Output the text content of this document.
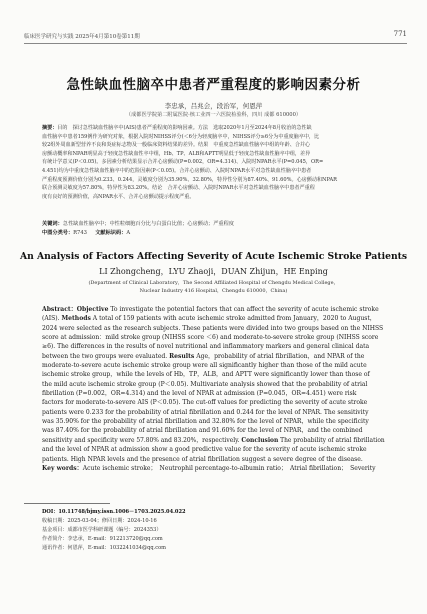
临床医学研究与实践 2025年4月第10卷第11期	771
急性缺血性脑卒中患者严重程度的影响因素分析
李忠承，吕兆会，段治军，何恩萍
（成都医学院第二附属医院·核工业四一六医院检验科，四川 成都 610000）
摘要：目的　探讨急性缺血性脑卒中(AIS)患者严重程度的影响因素。方法　选取2020年1月至2024年8月收治的急性缺
血性脑卒中患者159例作为研究对象，根据入院时NIHSS评分(＜6分为轻度脑卒中，NIHSS评分≥6分为中重度脑卒中，比
较2组外周血新型营养不良和炎症标志物及一般临床资料结果的差异。结果　中重度急性缺血性脑卒中组的年龄、合并心
房颤动概率和NPAR明显高于轻度急性缺血性卒中组，Hb、TP、ALB和APTT明显低于轻度急性缺血性脑卒中组，差异
有统计学意义(P＜0.05)。多因素分析结果显示合并心房颤动(P=0.002，OR=4.314)、入院时NPAR水平(P=0.045，OR=
4.451)均为中重度急性缺血性脑卒中的危险因素(P＜0.05)。合并心房颤动、入院时NPAR水平对急性缺血性脑卒中患者
严重程度预测价值分别为0.233、0.244，灵敏度分别为35.90%、32.80%，特异性分别为87.40%、91.60%。心房颤动和NPAR
联合预测灵敏度为57.80%，特异性为83.20%。结论　合并心房颤动、入院时NPAR水平对急性缺血性脑卒中患者严重程
度有良好的预测价值，高NPAR水平、合并心房颤动提示程度严重。
关键词：急性缺血性脑卒中；中性粒细胞百分比与白蛋白比值；心房颤动；严重程度
中图分类号：R743 文献标识码：A
An Analysis of Factors Affecting Severity of Acute Ischemic Stroke Patients
LI Zhongcheng，LYU Zhaoji，DUAN Zhijun，HE Enping
(Department of Clinical Laboratory，The Second Affiliated Hospital of Chengdu Medical College，
Nuclear Industry 416 Hospital，Chengdu 610000，China)
Abstract：Objective To investigate the potential factors that can affect the severity of acute ischemic stroke
(AIS). Methods A total of 159 patients with acute ischemic stroke admitted from January，2020 to August，
2024 were selected as the research subjects. These patients were divided into two groups based on the NIHSS
score at admission：mild stroke group (NIHSS score ＜6) and moderate-to-severe stroke group (NIHSS score
≥6). The differences in the results of novel nutritional and inflammatory markers and general clinical data
between the two groups were evaluated. Results Age，probability of atrial fibrillation，and NPAR of the
moderate-to-severe acute ischemic stroke group were all significantly higher than those of the mild acute
ischemic stroke group，while the levels of Hb，TP，ALB，and APTT were significantly lower than those of
the mild acute ischemic stroke group (P＜0.05). Multivariate analysis showed that the probability of atrial
fibrillation (P=0.002，OR=4.314) and the level of NPAR at admission (P=0.045，OR=4.451) were risk
factors for moderate-to-severe AIS (P＜0.05). The cut-off values for predicting the severity of acute stroke
patients were 0.233 for the probability of atrial fibrillation and 0.244 for the level of NPAR. The sensitivity
was 35.90% for the probability of atrial fibrillation and 32.80% for the level of NPAR，while the specificity
was 87.40% for the probability of atrial fibrillation and 91.60% for the level of NPAR，and the combined
sensitivity and specificity were 57.80% and 83.20%，respectively. Conclusion The probability of atrial fibrillation
and the level of NPAR at admission show a good predictive value for the severity of acute ischemic stroke
patients. High NPAR levels and the presence of atrial fibrillation suggest a severe degree of the disease.
Key words：Acute ischemic stroke；　Neutrophil percentage-to-albumin ratio；　Atrial fibrillation；　Severity
DOI：10.11748/bjmy.issn.1006－1703.2025.04.022
收稿日期：2025-03-04；修回日期：2024-10-16
基金项目：成都市医学科研课题（编号：2024353）
作者简介：李忠承，E-mail：912213720@qq.com
通讯作者：何恩萍，E-mail：1032241034@qq.com
